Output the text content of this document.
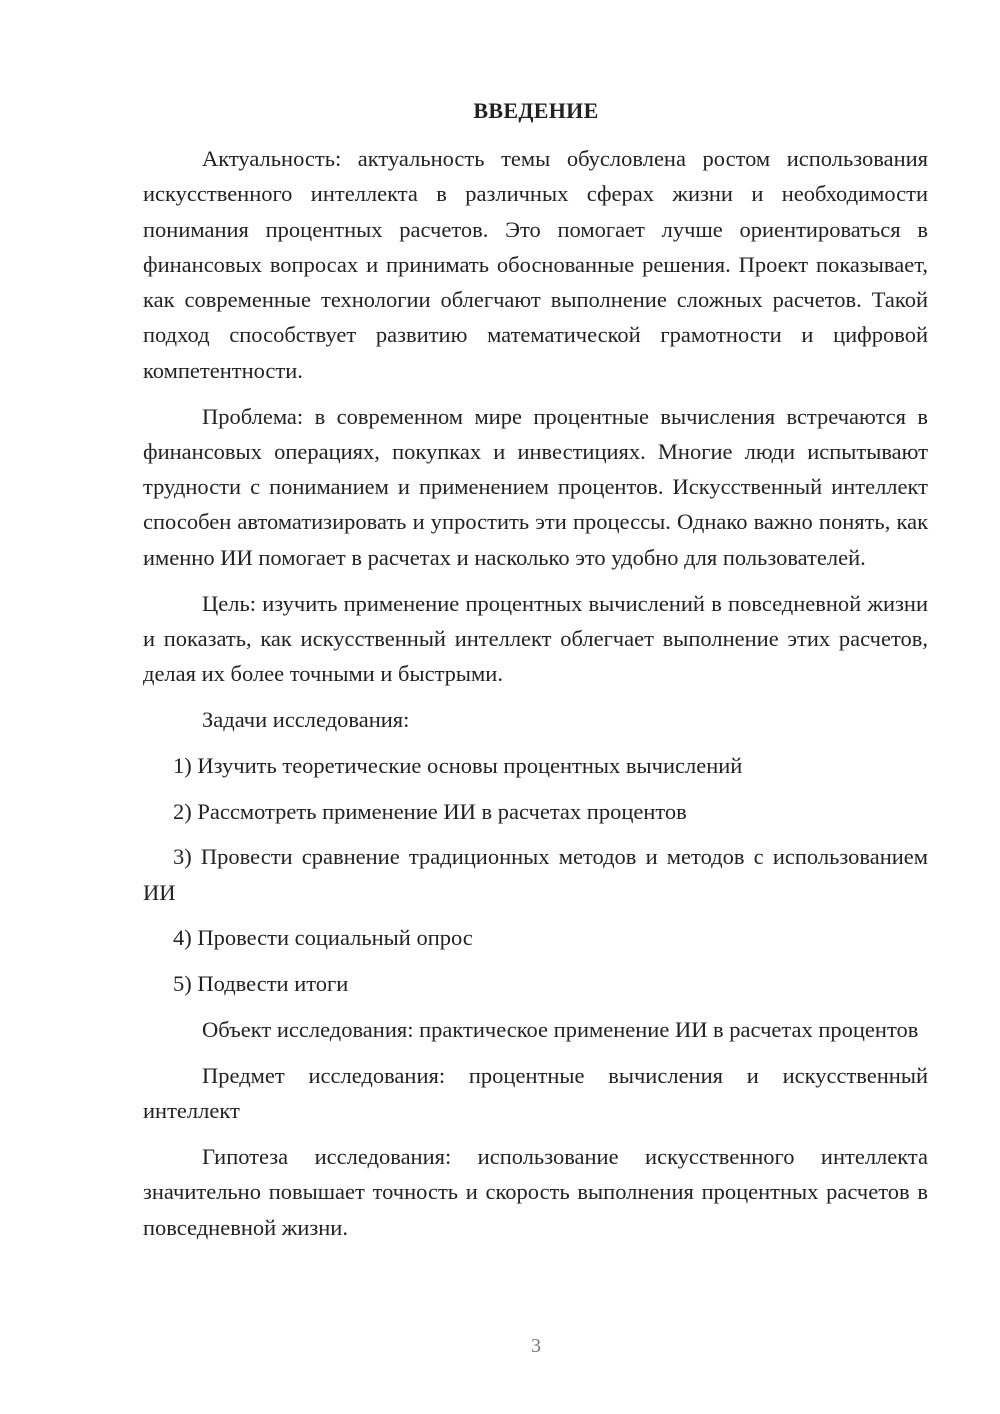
ВВЕДЕНИЕ

Актуальность: актуальность темы обусловлена ростом использования искусственного интеллекта в различных сферах жизни и необходимости понимания процентных расчетов. Это помогает лучше ориентироваться в финансовых вопросах и принимать обоснованные решения. Проект показывает, как современные технологии облегчают выполнение сложных расчетов. Такой подход способствует развитию математической грамотности и цифровой компетентности.

Проблема: в современном мире процентные вычисления встречаются в финансовых операциях, покупках и инвестициях. Многие люди испытывают трудности с пониманием и применением процентов. Искусственный интеллект способен автоматизировать и упростить эти процессы. Однако важно понять, как именно ИИ помогает в расчетах и насколько это удобно для пользователей.

Цель: изучить применение процентных вычислений в повседневной жизни и показать, как искусственный интеллект облегчает выполнение этих расчетов, делая их более точными и быстрыми.

Задачи исследования:

1) Изучить теоретические основы процентных вычислений

2) Рассмотреть применение ИИ в расчетах процентов

3) Провести сравнение традиционных методов и методов с использованием ИИ

4) Провести социальный опрос

5) Подвести итоги

Объект исследования: практическое применение ИИ в расчетах процентов

Предмет исследования: процентные вычисления и искусственный интеллект

Гипотеза исследования: использование искусственного интеллекта значительно повышает точность и скорость выполнения процентных расчетов в повседневной жизни.

3
